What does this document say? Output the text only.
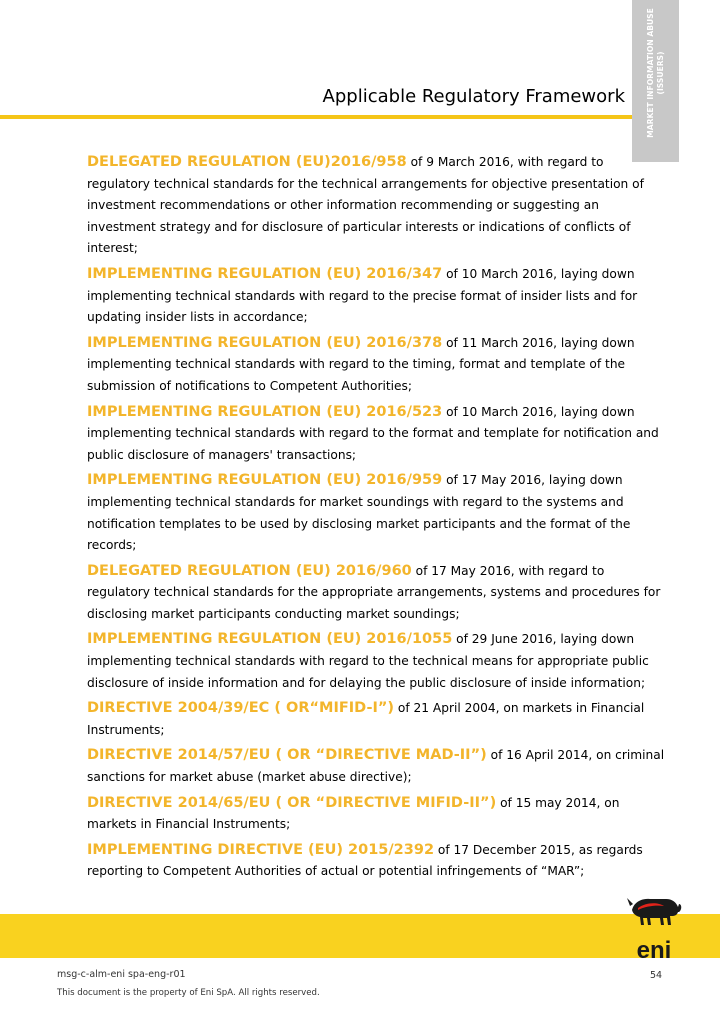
MARKET INFORMATION ABUSE (ISSUERS)
Applicable Regulatory Framework
DELEGATED REGULATION (EU)2016/958 of 9 March 2016, with regard to regulatory technical standards for the technical arrangements for objective presentation of investment recommendations or other information recommending or suggesting an investment strategy and for disclosure of particular interests or indications of conflicts of interest;
IMPLEMENTING REGULATION (EU) 2016/347 of 10 March 2016, laying down implementing technical standards with regard to the precise format of insider lists and for updating insider lists in accordance;
IMPLEMENTING REGULATION (EU) 2016/378 of 11 March 2016, laying down implementing technical standards with regard to the timing, format and template of the submission of notifications to Competent Authorities;
IMPLEMENTING REGULATION (EU) 2016/523 of 10 March 2016, laying down implementing technical standards with regard to the format and template for notification and public disclosure of managers' transactions;
IMPLEMENTING REGULATION (EU) 2016/959 of 17 May 2016, laying down implementing technical standards for market soundings with regard to the systems and notification templates to be used by disclosing market participants and the format of the records;
DELEGATED REGULATION (EU) 2016/960 of 17 May 2016, with regard to regulatory technical standards for the appropriate arrangements, systems and procedures for disclosing market participants conducting market soundings;
IMPLEMENTING REGULATION (EU) 2016/1055 of 29 June 2016, laying down implementing technical standards with regard to the technical means for appropriate public disclosure of inside information and for delaying the public disclosure of inside information;
DIRECTIVE 2004/39/EC ( OR“MIFID-I”) of 21 April 2004, on markets in Financial Instruments;
DIRECTIVE 2014/57/EU ( OR “DIRECTIVE MAD-II”) of 16 April 2014, on criminal sanctions for market abuse (market abuse directive);
DIRECTIVE 2014/65/EU ( OR “DIRECTIVE MIFID-II”) of 15 may 2014, on markets in Financial Instruments;
IMPLEMENTING DIRECTIVE (EU) 2015/2392 of 17 December 2015, as regards reporting to Competent Authorities of actual or potential infringements of “MAR”;
eni
msg-c-alm-eni spa-eng-r01	54
This document is the property of Eni SpA. All rights reserved.
